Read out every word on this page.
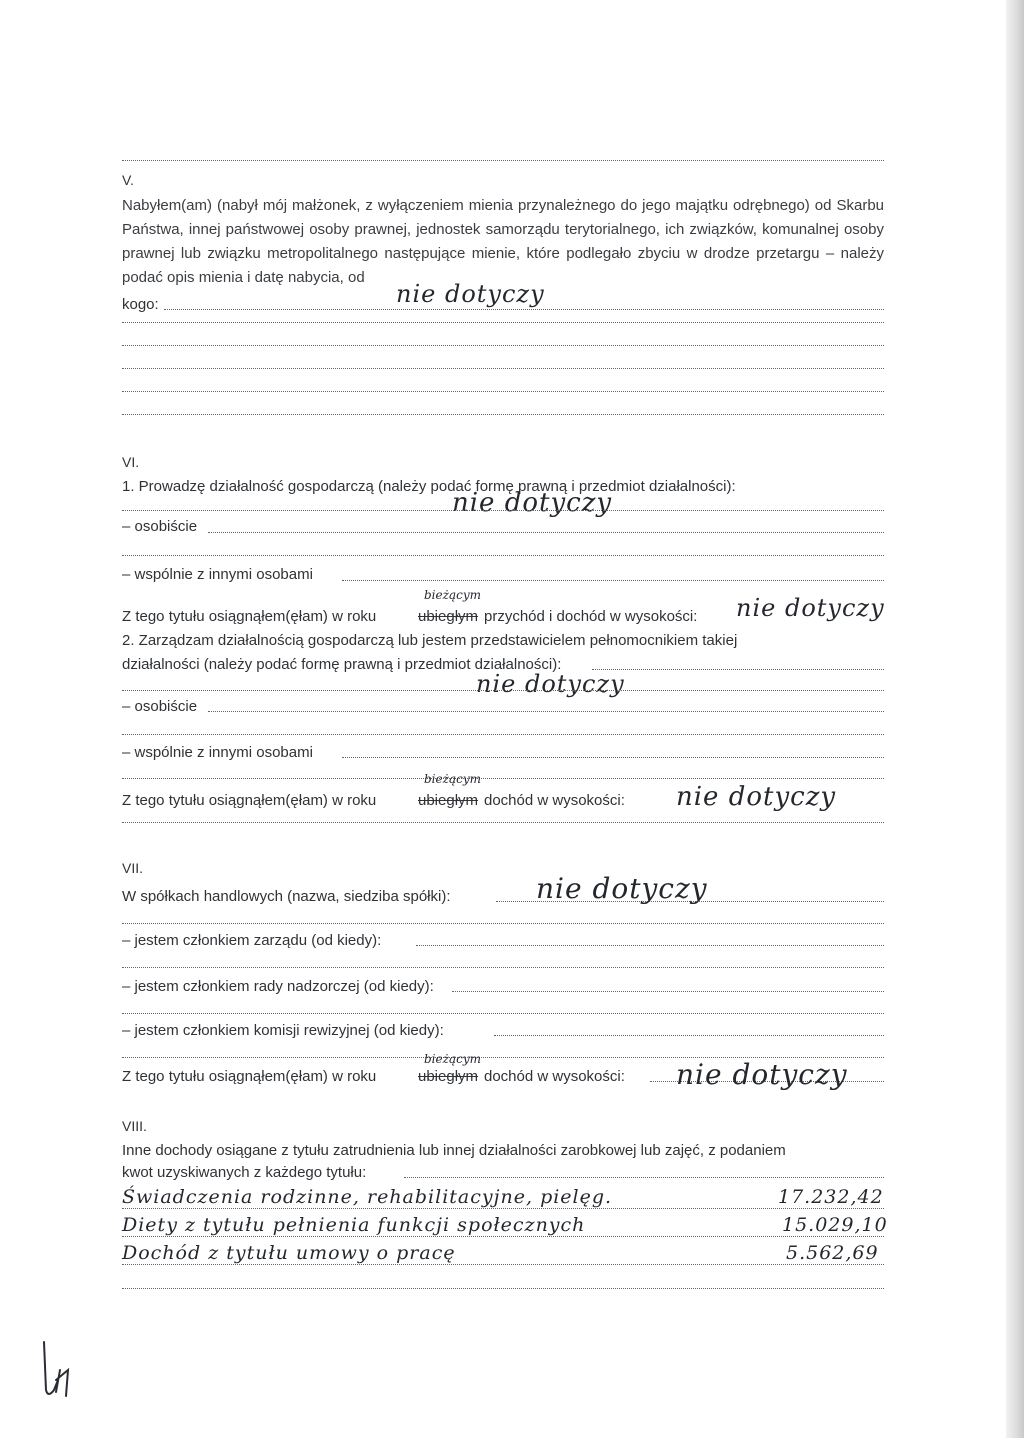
V.
Nabyłem(am) (nabył mój małżonek, z wyłączeniem mienia przynależnego do jego majątku odrębnego) od Skarbu Państwa, innej państwowej osoby prawnej, jednostek samorządu terytorialnego, ich związków, komunalnej osoby prawnej lub związku metropolitalnego następujące mienie, które podlegało zbyciu w drodze przetargu – należy podać opis mienia i datę nabycia, od
kogo:	nie dotyczy
VI.
1. Prowadzę działalność gospodarczą (należy podać formę prawną i przedmiot działalności):
nie dotyczy
– osobiście
– wspólnie z innymi osobami
bieżącym
Z tego tytułu osiągnąłem(ęłam) w roku	ubiegłym przychód i dochód w wysokości: nie dotyczy
2. Zarządzam działalnością gospodarczą lub jestem przedstawicielem pełnomocnikiem takiej
działalności (należy podać formę prawną i przedmiot działalności):
nie dotyczy
– osobiście
– wspólnie z innymi osobami
bieżącym
Z tego tytułu osiągnąłem(ęłam) w roku	ubiegłym dochód w wysokości: nie dotyczy
VII.
W spółkach handlowych (nazwa, siedziba spółki):	nie dotyczy
– jestem członkiem zarządu (od kiedy):
– jestem członkiem rady nadzorczej (od kiedy):
– jestem członkiem komisji rewizyjnej (od kiedy):
bieżącym
Z tego tytułu osiągnąłem(ęłam) w roku	ubiegłym dochód w wysokości: nie dotyczy
VIII.
Inne dochody osiągane z tytułu zatrudnienia lub innej działalności zarobkowej lub zajęć, z podaniem
kwot uzyskiwanych z każdego tytułu:
Świadczenia rodzinne, rehabilitacyjne, pielęg.	17.232,42
Diety z tytułu pełnienia funkcji społecznych	15.029,10
Dochód z tytułu umowy o pracę	5.562,69
